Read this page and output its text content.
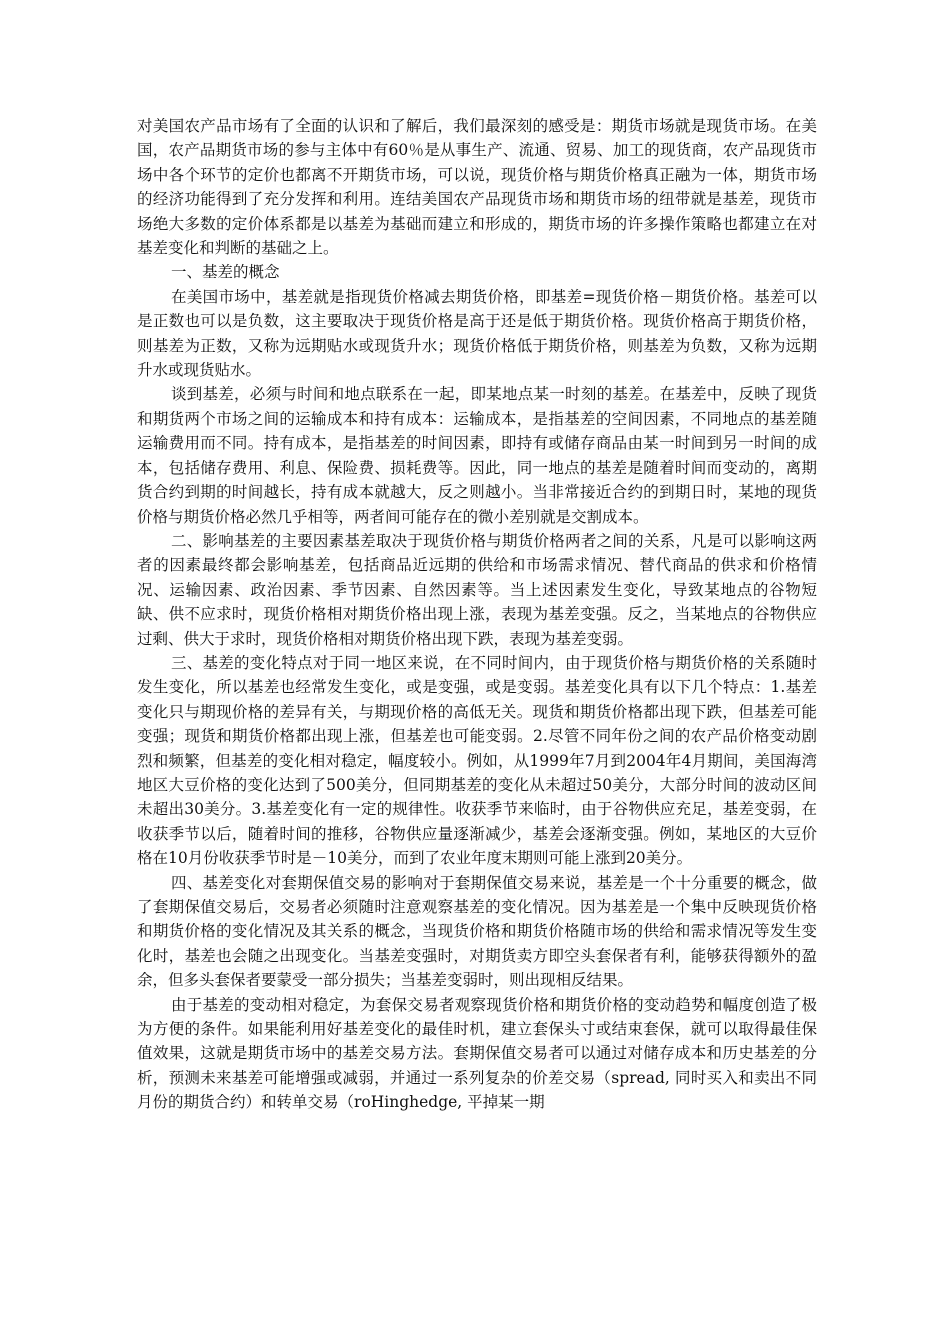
对美国农产品市场有了全面的认识和了解后，我们最深刻的感受是：期货市场就是现货市场。在美国，农产品期货市场的参与主体中有60％是从事生产、流通、贸易、加工的现货商，农产品现货市场中各个环节的定价也都离不开期货市场，可以说，现货价格与期货价格真正融为一体，期货市场的经济功能得到了充分发挥和利用。连结美国农产品现货市场和期货市场的纽带就是基差，现货市场绝大多数的定价体系都是以基差为基础而建立和形成的，期货市场的许多操作策略也都建立在对基差变化和判断的基础之上。

一、基差的概念

在美国市场中，基差就是指现货价格减去期货价格，即基差=现货价格－期货价格。基差可以是正数也可以是负数，这主要取决于现货价格是高于还是低于期货价格。现货价格高于期货价格，则基差为正数，又称为远期贴水或现货升水；现货价格低于期货价格，则基差为负数，又称为远期升水或现货贴水。

谈到基差，必须与时间和地点联系在一起，即某地点某一时刻的基差。在基差中，反映了现货和期货两个市场之间的运输成本和持有成本：运输成本，是指基差的空间因素，不同地点的基差随运输费用而不同。持有成本，是指基差的时间因素，即持有或储存商品由某一时间到另一时间的成本，包括储存费用、利息、保险费、损耗费等。因此，同一地点的基差是随着时间而变动的，离期货合约到期的时间越长，持有成本就越大，反之则越小。当非常接近合约的到期日时，某地的现货价格与期货价格必然几乎相等，两者间可能存在的微小差别就是交割成本。

二、影响基差的主要因素基差取决于现货价格与期货价格两者之间的关系，凡是可以影响这两者的因素最终都会影响基差，包括商品近远期的供给和市场需求情况、替代商品的供求和价格情况、运输因素、政治因素、季节因素、自然因素等。当上述因素发生变化，导致某地点的谷物短缺、供不应求时，现货价格相对期货价格出现上涨，表现为基差变强。反之，当某地点的谷物供应过剩、供大于求时，现货价格相对期货价格出现下跌，表现为基差变弱。

三、基差的变化特点对于同一地区来说，在不同时间内，由于现货价格与期货价格的关系随时发生变化，所以基差也经常发生变化，或是变强，或是变弱。基差变化具有以下几个特点：1.基差变化只与期现价格的差异有关，与期现价格的高低无关。现货和期货价格都出现下跌，但基差可能变强；现货和期货价格都出现上涨，但基差也可能变弱。2.尽管不同年份之间的农产品价格变动剧烈和频繁，但基差的变化相对稳定，幅度较小。例如，从1999年7月到2004年4月期间，美国海湾地区大豆价格的变化达到了500美分，但同期基差的变化从未超过50美分，大部分时间的波动区间未超出30美分。3.基差变化有一定的规律性。收获季节来临时，由于谷物供应充足，基差变弱，在收获季节以后，随着时间的推移，谷物供应量逐渐减少，基差会逐渐变强。例如，某地区的大豆价格在10月份收获季节时是－10美分，而到了农业年度末期则可能上涨到20美分。

四、基差变化对套期保值交易的影响对于套期保值交易来说，基差是一个十分重要的概念，做了套期保值交易后，交易者必须随时注意观察基差的变化情况。因为基差是一个集中反映现货价格和期货价格的变化情况及其关系的概念，当现货价格和期货价格随市场的供给和需求情况等发生变化时，基差也会随之出现变化。当基差变强时，对期货卖方即空头套保者有利，能够获得额外的盈余，但多头套保者要蒙受一部分损失；当基差变弱时，则出现相反结果。

由于基差的变动相对稳定，为套保交易者观察现货价格和期货价格的变动趋势和幅度创造了极为方便的条件。如果能利用好基差变化的最佳时机，建立套保头寸或结束套保，就可以取得最佳保值效果，这就是期货市场中的基差交易方法。套期保值交易者可以通过对储存成本和历史基差的分析，预测未来基差可能增强或减弱，并通过一系列复杂的价差交易（spread, 同时买入和卖出不同月份的期货合约）和转单交易（roHinghedge, 平掉某一期
